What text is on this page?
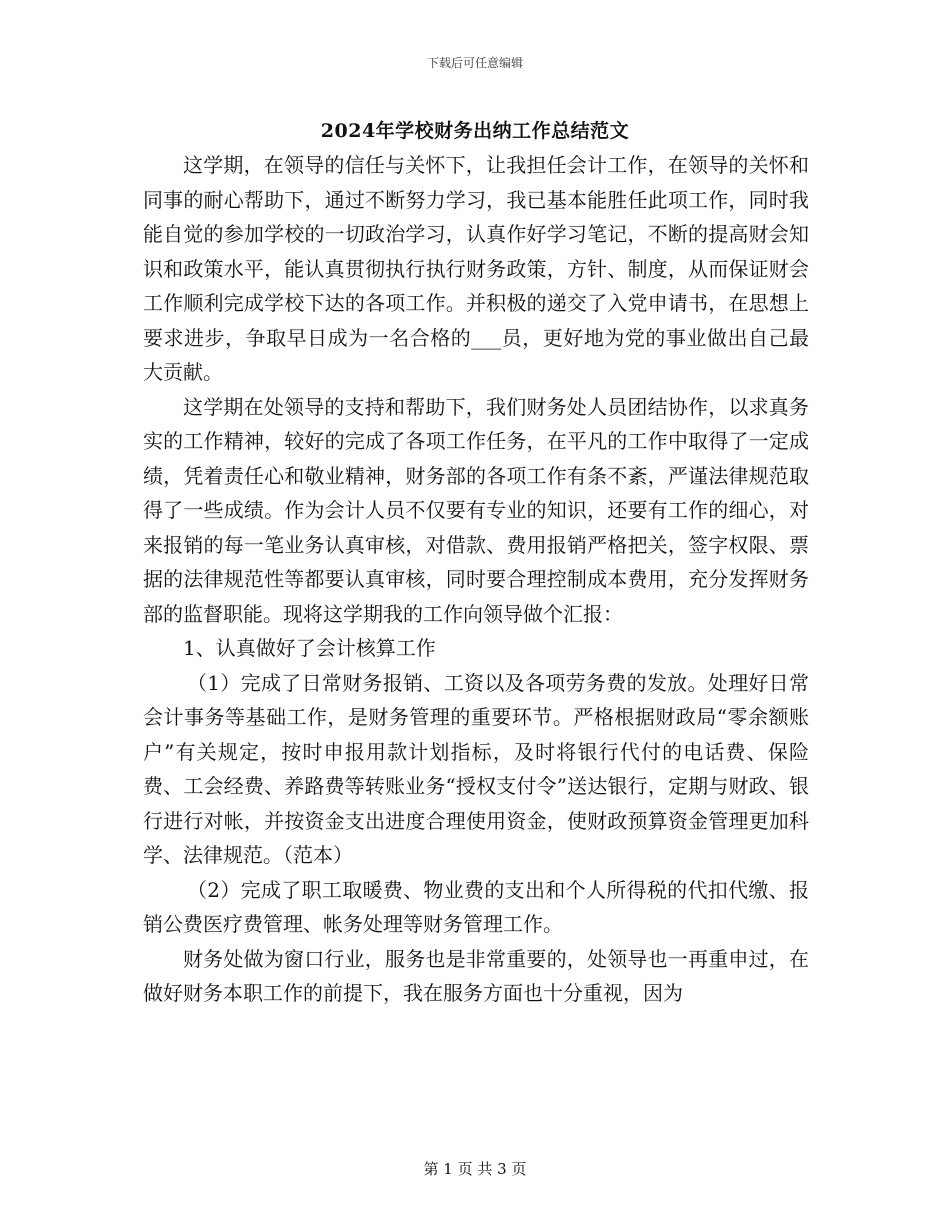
下载后可任意编辑
2024年学校财务出纳工作总结范文

这学期，在领导的信任与关怀下，让我担任会计工作，在领导的关怀和同事的耐心帮助下，通过不断努力学习，我已基本能胜任此项工作，同时我能自觉的参加学校的一切政治学习，认真作好学习笔记，不断的提高财会知识和政策水平，能认真贯彻执行执行财务政策，方针、制度，从而保证财会工作顺利完成学校下达的各项工作。并积极的递交了入党申请书，在思想上要求进步，争取早日成为一名合格的___员，更好地为党的事业做出自己最大贡献。

这学期在处领导的支持和帮助下，我们财务处人员团结协作，以求真务实的工作精神，较好的完成了各项工作任务，在平凡的工作中取得了一定成绩，凭着责任心和敬业精神，财务部的各项工作有条不紊，严谨法律规范取得了一些成绩。作为会计人员不仅要有专业的知识，还要有工作的细心，对来报销的每一笔业务认真审核，对借款、费用报销严格把关，签字权限、票据的法律规范性等都要认真审核，同时要合理控制成本费用，充分发挥财务部的监督职能。现将这学期我的工作向领导做个汇报：

1、认真做好了会计核算工作

（1）完成了日常财务报销、工资以及各项劳务费的发放。处理好日常会计事务等基础工作，是财务管理的重要环节。严格根据财政局“零余额账户”有关规定，按时申报用款计划指标，及时将银行代付的电话费、保险费、工会经费、养路费等转账业务“授权支付令”送达银行，定期与财政、银行进行对帐，并按资金支出进度合理使用资金，使财政预算资金管理更加科学、法律规范。（范本）

（2）完成了职工取暖费、物业费的支出和个人所得税的代扣代缴、报销公费医疗费管理、帐务处理等财务管理工作。

财务处做为窗口行业，服务也是非常重要的，处领导也一再重申过，在做好财务本职工作的前提下，我在服务方面也十分重视，因为

第 1 页 共 3 页
